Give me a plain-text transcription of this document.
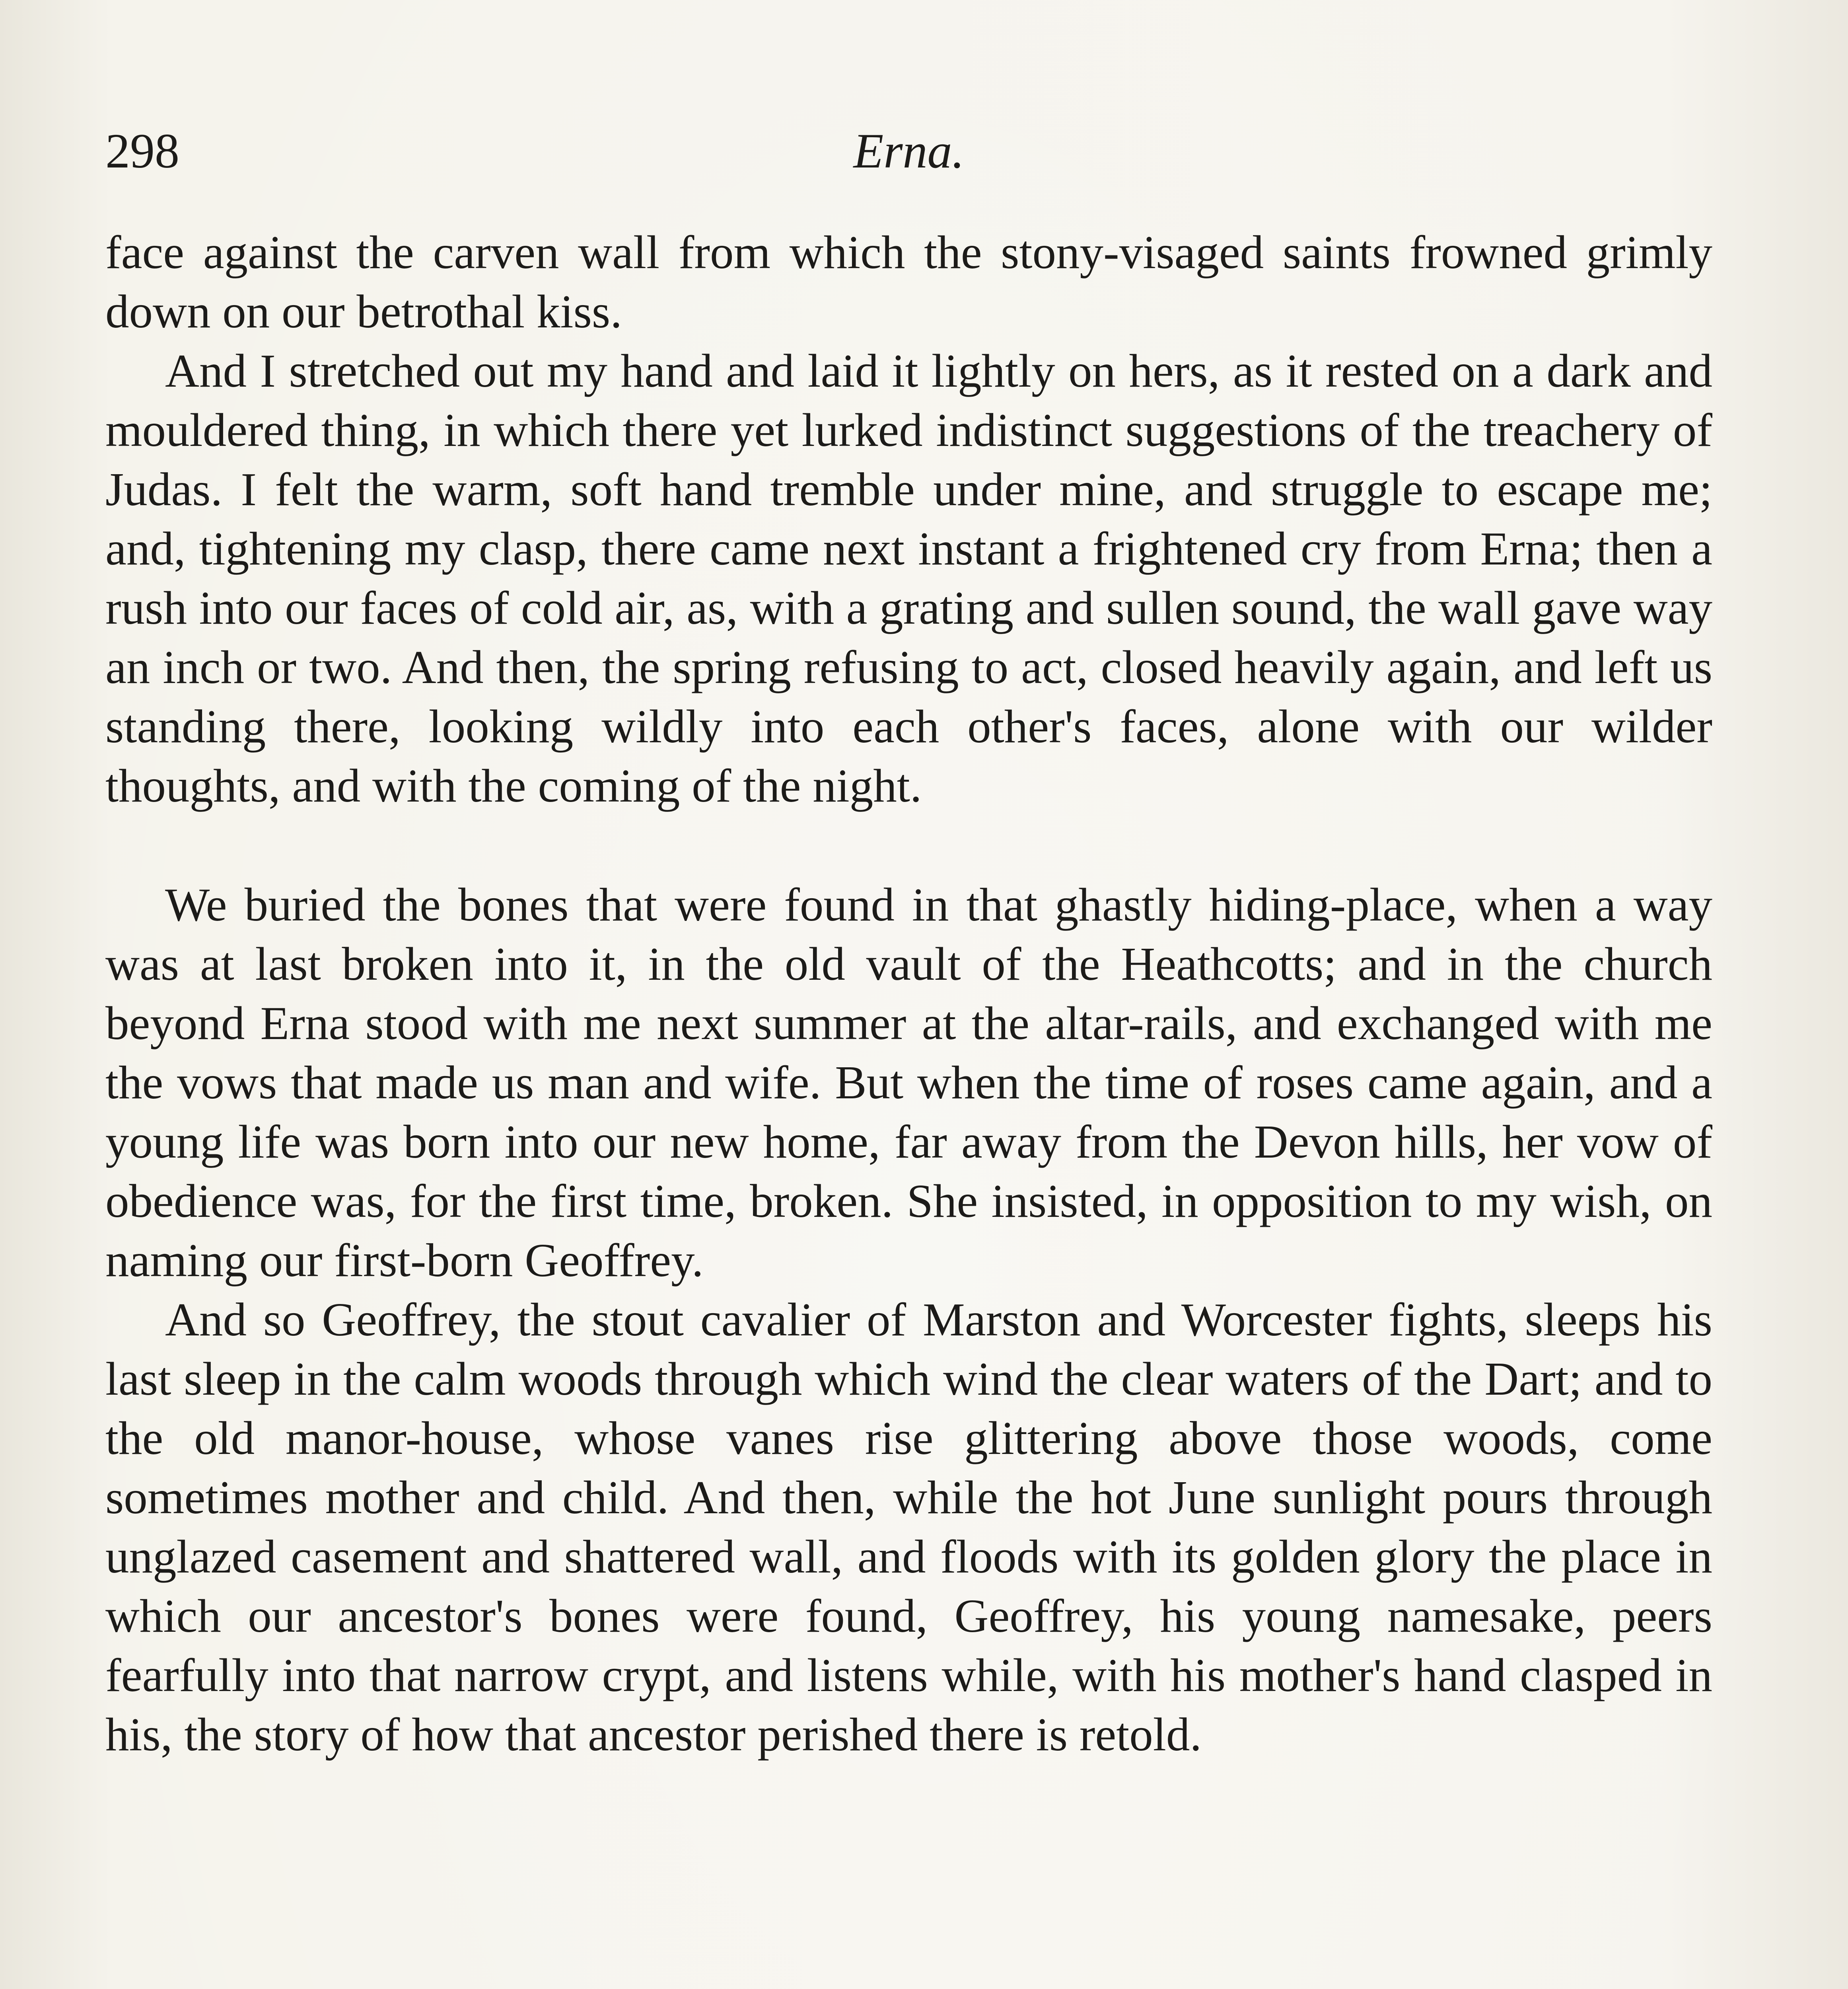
298	Erna.

face against the carven wall from which the stony-visaged saints frowned grimly down on our betrothal kiss.

And I stretched out my hand and laid it lightly on hers, as it rested on a dark and mouldered thing, in which there yet lurked indistinct suggestions of the treachery of Judas. I felt the warm, soft hand tremble under mine, and struggle to escape me; and, tightening my clasp, there came next instant a frightened cry from Erna; then a rush into our faces of cold air, as, with a grating and sullen sound, the wall gave way an inch or two. And then, the spring refusing to act, closed heavily again, and left us standing there, looking wildly into each other's faces, alone with our wilder thoughts, and with the coming of the night.

We buried the bones that were found in that ghastly hiding-place, when a way was at last broken into it, in the old vault of the Heathcotts; and in the church beyond Erna stood with me next summer at the altar-rails, and exchanged with me the vows that made us man and wife. But when the time of roses came again, and a young life was born into our new home, far away from the Devon hills, her vow of obedience was, for the first time, broken. She insisted, in opposition to my wish, on naming our first-born Geoffrey.

And so Geoffrey, the stout cavalier of Marston and Worcester fights, sleeps his last sleep in the calm woods through which wind the clear waters of the Dart; and to the old manor-house, whose vanes rise glittering above those woods, come sometimes mother and child. And then, while the hot June sunlight pours through unglazed casement and shattered wall, and floods with its golden glory the place in which our ancestor's bones were found, Geoffrey, his young namesake, peers fearfully into that narrow crypt, and listens while, with his mother's hand clasped in his, the story of how that ancestor perished there is retold.
